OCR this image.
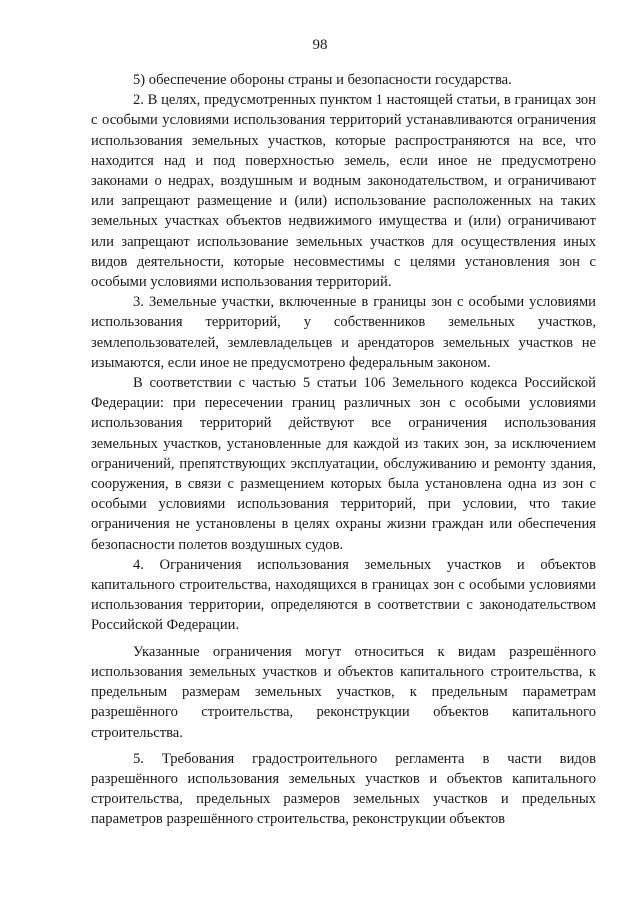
98

5) обеспечение обороны страны и безопасности государства.

2. В целях, предусмотренных пунктом 1 настоящей статьи, в границах зон с особыми условиями использования территорий устанавливаются ограничения использования земельных участков, которые распространяются на все, что находится над и под поверхностью земель, если иное не предусмотрено законами о недрах, воздушным и водным законодательством, и ограничивают или запрещают размещение и (или) использование расположенных на таких земельных участках объектов недвижимого имущества и (или) ограничивают или запрещают использование земельных участков для осуществления иных видов деятельности, которые несовместимы с целями установления зон с особыми условиями использования территорий.

3. Земельные участки, включенные в границы зон с особыми условиями использования территорий, у собственников земельных участков, землепользователей, землевладельцев и арендаторов земельных участков не изымаются, если иное не предусмотрено федеральным законом.

В соответствии с частью 5 статьи 106 Земельного кодекса Российской Федерации: при пересечении границ различных зон с особыми условиями использования территорий действуют все ограничения использования земельных участков, установленные для каждой из таких зон, за исключением ограничений, препятствующих эксплуатации, обслуживанию и ремонту здания, сооружения, в связи с размещением которых была установлена одна из зон с особыми условиями использования территорий, при условии, что такие ограничения не установлены в целях охраны жизни граждан или обеспечения безопасности полетов воздушных судов.

4. Ограничения использования земельных участков и объектов капитального строительства, находящихся в границах зон с особыми условиями использования территории, определяются в соответствии с законодательством Российской Федерации.

Указанные ограничения могут относиться к видам разрешённого использования земельных участков и объектов капитального строительства, к предельным размерам земельных участков, к предельным параметрам разрешённого строительства, реконструкции объектов капитального строительства.

5. Требования градостроительного регламента в части видов разрешённого использования земельных участков и объектов капитального строительства, предельных размеров земельных участков и предельных параметров разрешённого строительства, реконструкции объектов
